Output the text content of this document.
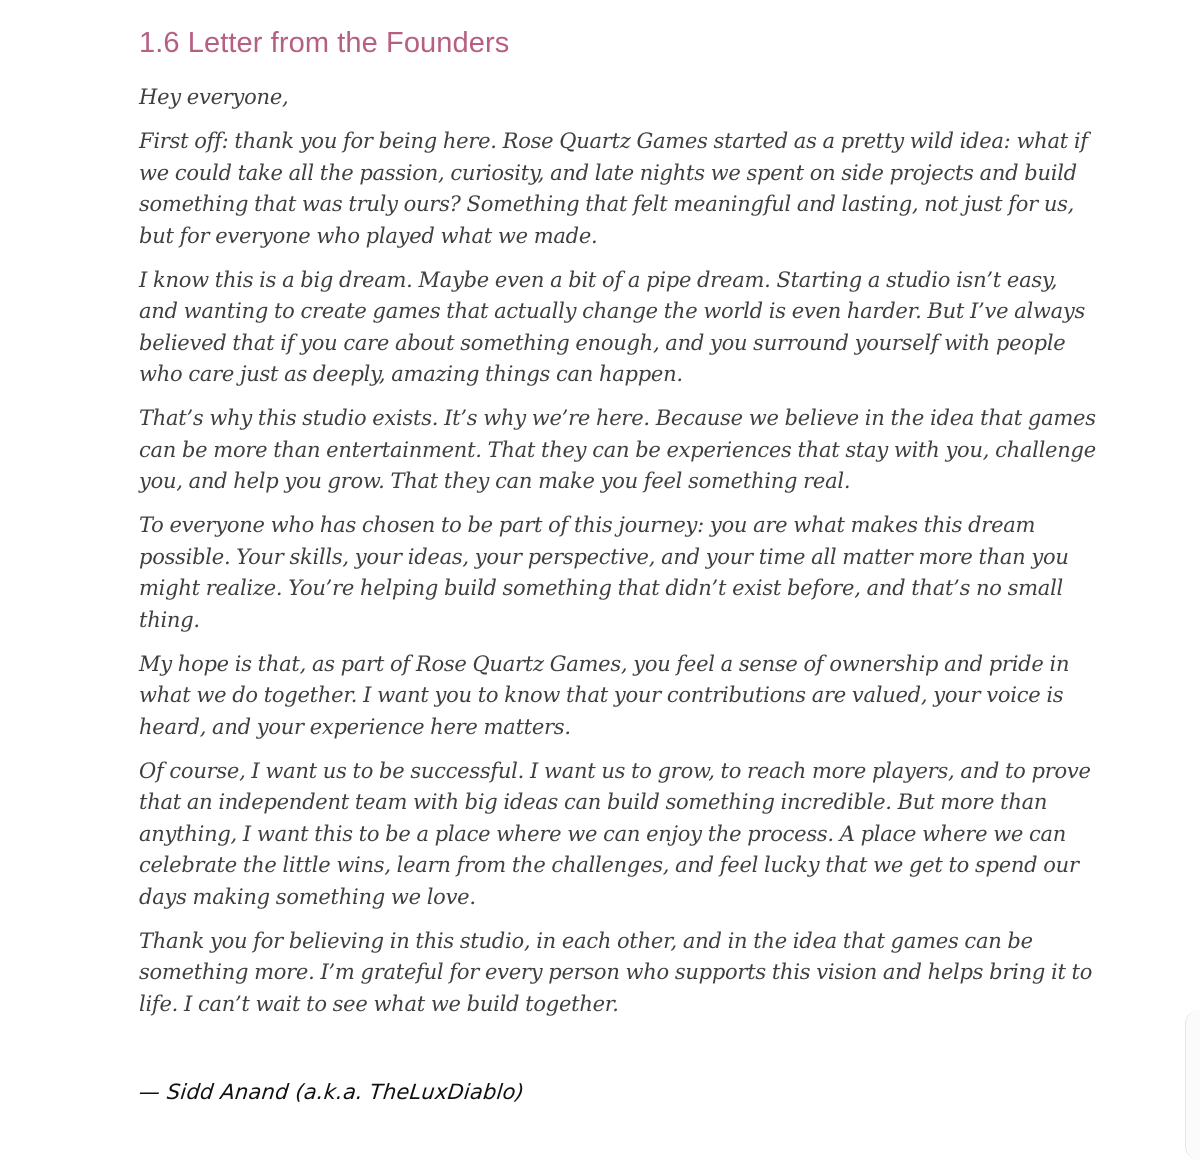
1.6 Letter from the Founders

Hey everyone,

First off: thank you for being here. Rose Quartz Games started as a pretty wild idea: what if we could take all the passion, curiosity, and late nights we spent on side projects and build something that was truly ours? Something that felt meaningful and lasting, not just for us, but for everyone who played what we made.

I know this is a big dream. Maybe even a bit of a pipe dream. Starting a studio isn’t easy, and wanting to create games that actually change the world is even harder. But I’ve always believed that if you care about something enough, and you surround yourself with people who care just as deeply, amazing things can happen.

That’s why this studio exists. It’s why we’re here. Because we believe in the idea that games can be more than entertainment. That they can be experiences that stay with you, challenge you, and help you grow. That they can make you feel something real.

To everyone who has chosen to be part of this journey: you are what makes this dream possible. Your skills, your ideas, your perspective, and your time all matter more than you might realize. You’re helping build something that didn’t exist before, and that’s no small thing.

My hope is that, as part of Rose Quartz Games, you feel a sense of ownership and pride in what we do together. I want you to know that your contributions are valued, your voice is heard, and your experience here matters.

Of course, I want us to be successful. I want us to grow, to reach more players, and to prove that an independent team with big ideas can build something incredible. But more than anything, I want this to be a place where we can enjoy the process. A place where we can celebrate the little wins, learn from the challenges, and feel lucky that we get to spend our days making something we love.

Thank you for believing in this studio, in each other, and in the idea that games can be something more. I’m grateful for every person who supports this vision and helps bring it to life. I can’t wait to see what we build together.

— Sidd Anand (a.k.a. TheLuxDiablo)
